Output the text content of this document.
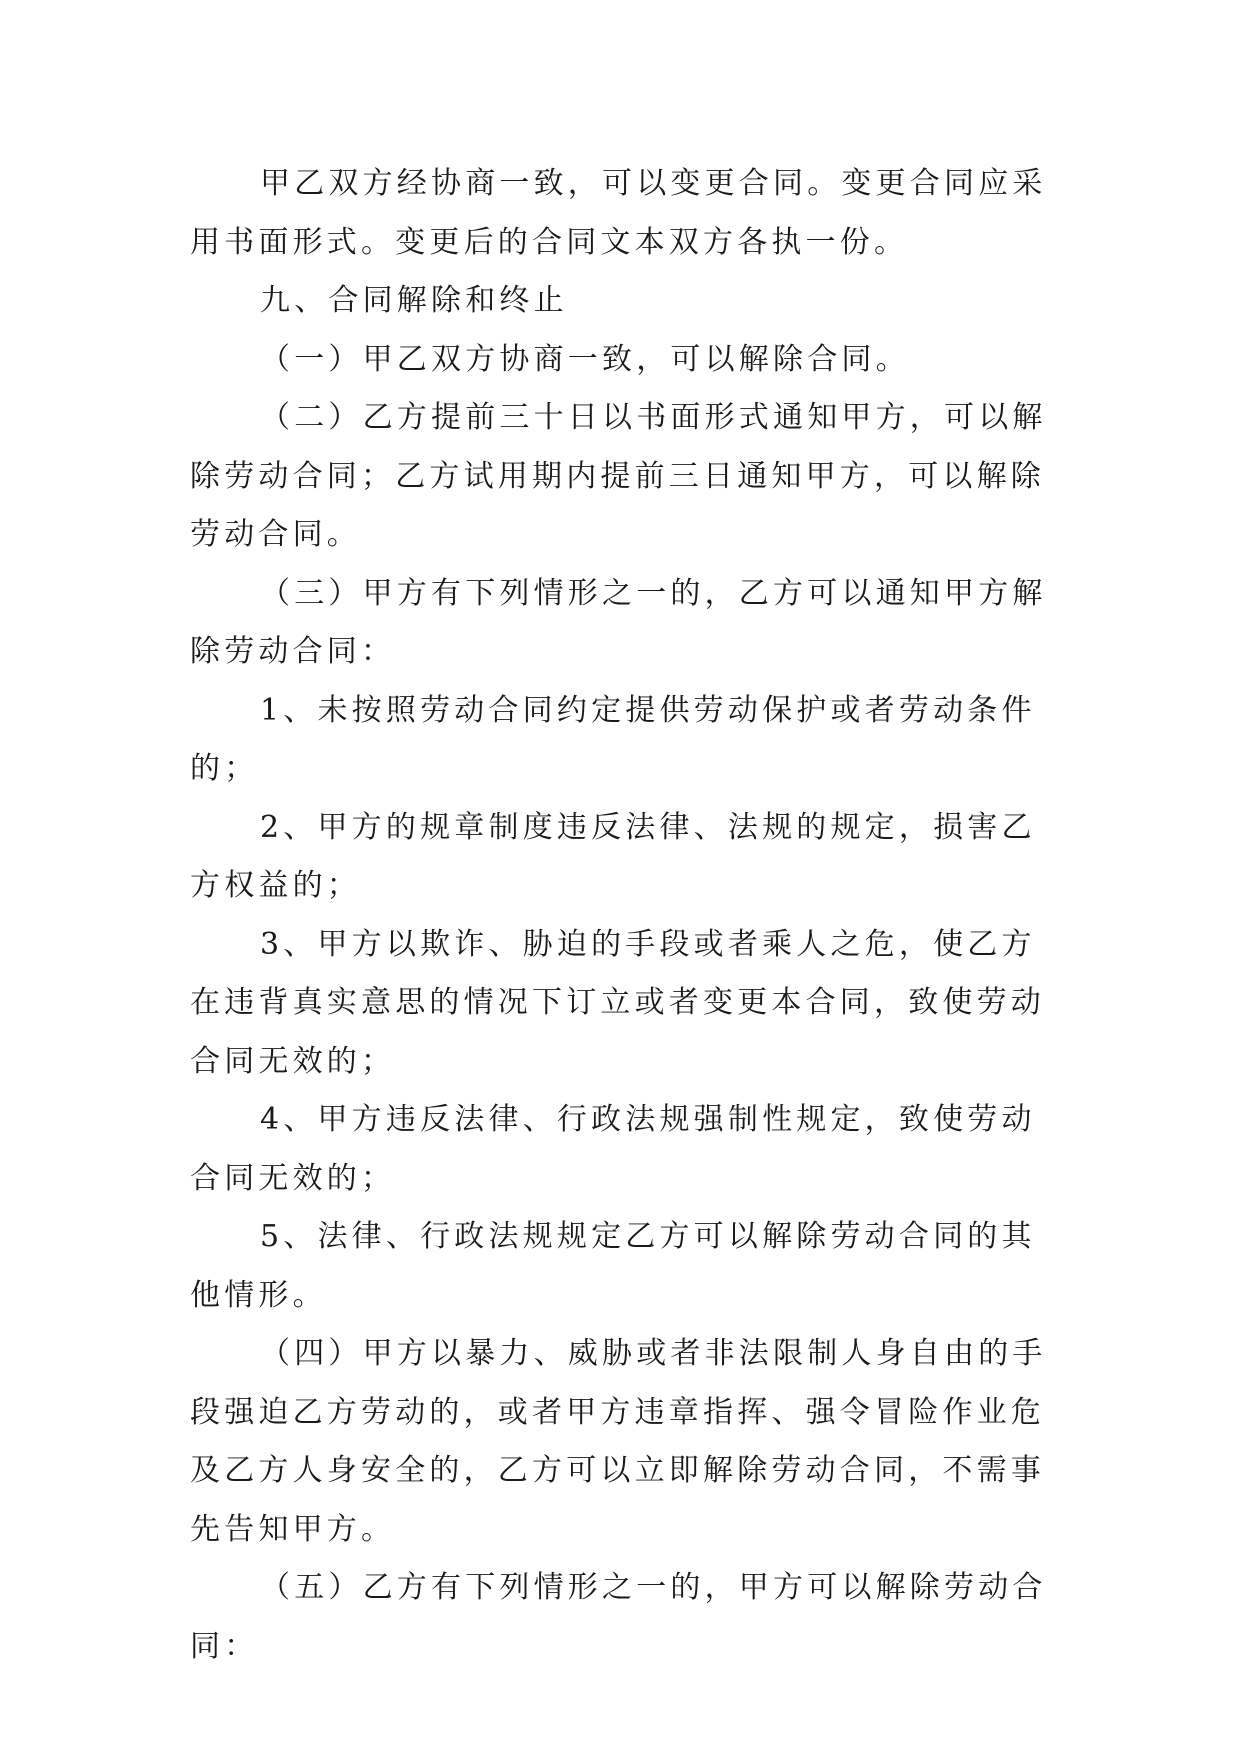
甲乙双方经协商一致，可以变更合同。变更合同应采用书面形式。变更后的合同文本双方各执一份。

九、合同解除和终止

（一）甲乙双方协商一致，可以解除合同。

（二）乙方提前三十日以书面形式通知甲方，可以解除劳动合同；乙方试用期内提前三日通知甲方，可以解除劳动合同。

（三）甲方有下列情形之一的，乙方可以通知甲方解除劳动合同：

1、未按照劳动合同约定提供劳动保护或者劳动条件的；

2、甲方的规章制度违反法律、法规的规定，损害乙方权益的；

3、甲方以欺诈、胁迫的手段或者乘人之危，使乙方在违背真实意思的情况下订立或者变更本合同，致使劳动合同无效的；

4、甲方违反法律、行政法规强制性规定，致使劳动合同无效的；

5、法律、行政法规规定乙方可以解除劳动合同的其他情形。

（四）甲方以暴力、威胁或者非法限制人身自由的手段强迫乙方劳动的，或者甲方违章指挥、强令冒险作业危及乙方人身安全的，乙方可以立即解除劳动合同，不需事先告知甲方。

（五）乙方有下列情形之一的，甲方可以解除劳动合同：
